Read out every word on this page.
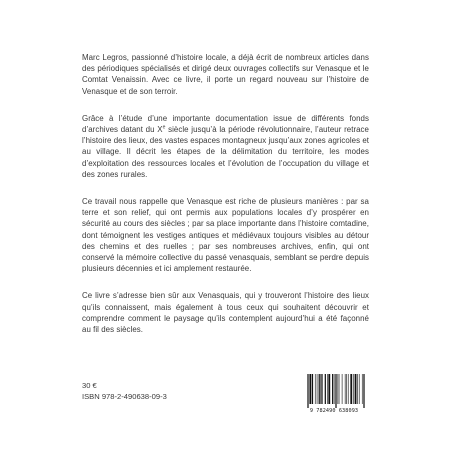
Marc Legros, passionné d’histoire locale, a déjà écrit de nombreux articles dans des périodiques spécialisés et dirigé deux ouvrages collectifs sur Venasque et le Comtat Venaissin. Avec ce livre, il porte un regard nouveau sur l’histoire de Venasque et de son terroir.

Grâce à l’étude d’une importante documentation issue de différents fonds d’archives datant du Xe siècle jusqu’à la période révolutionnaire, l’auteur retrace l’histoire des lieux, des vastes espaces montagneux jusqu’aux zones agricoles et au village. Il décrit les étapes de la délimitation du territoire, les modes d’exploitation des ressources locales et l’évolution de l’occupation du village et des zones rurales.

Ce travail nous rappelle que Venasque est riche de plusieurs manières : par sa terre et son relief, qui ont permis aux populations locales d’y prospérer en sécurité au cours des siècles ; par sa place importante dans l’histoire comtadine, dont témoignent les vestiges antiques et médiévaux toujours visibles au détour des chemins et des ruelles ; par ses nombreuses archives, enfin, qui ont conservé la mémoire collective du passé venasquais, semblant se perdre depuis plusieurs décennies et ici amplement restaurée.

Ce livre s’adresse bien sûr aux Venasquais, qui y trouveront l’histoire des lieux qu’ils connaissent, mais également à tous ceux qui souhaitent découvrir et comprendre comment le paysage qu’ils contemplent aujourd’hui a été façonné au fil des siècles.

30 €
ISBN 978-2-490638-09-3
9 782490 638093
